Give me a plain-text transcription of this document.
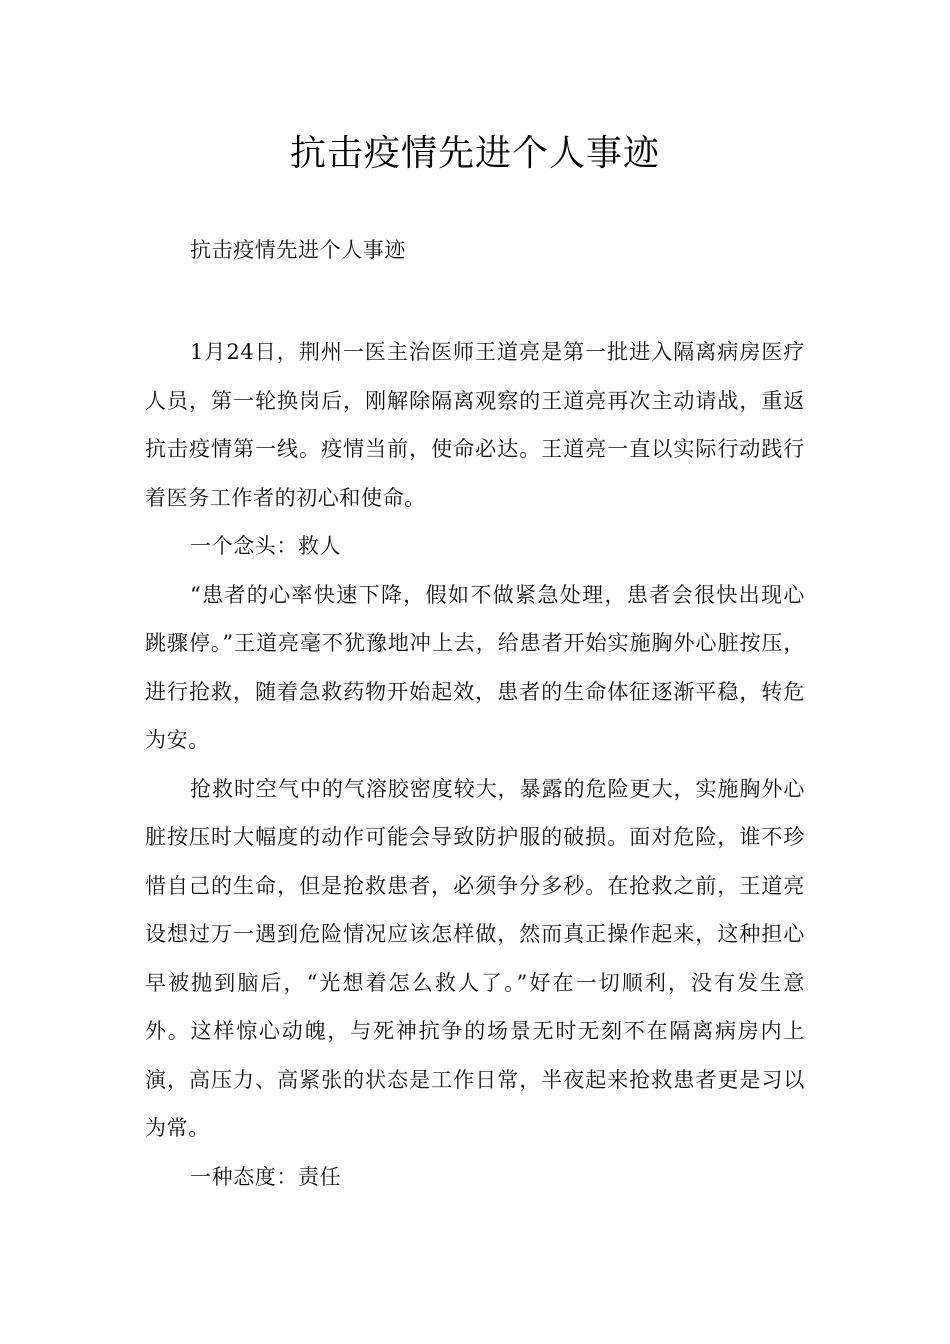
抗击疫情先进个人事迹

抗击疫情先进个人事迹

1月24日，荆州一医主治医师王道亮是第一批进入隔离病房医疗人员，第一轮换岗后，刚解除隔离观察的王道亮再次主动请战，重返抗击疫情第一线。疫情当前，使命必达。王道亮一直以实际行动践行着医务工作者的初心和使命。

一个念头：救人

“患者的心率快速下降，假如不做紧急处理，患者会很快出现心跳骤停。”王道亮毫不犹豫地冲上去，给患者开始实施胸外心脏按压，进行抢救，随着急救药物开始起效，患者的生命体征逐渐平稳，转危为安。

抢救时空气中的气溶胶密度较大，暴露的危险更大，实施胸外心脏按压时大幅度的动作可能会导致防护服的破损。面对危险，谁不珍惜自己的生命，但是抢救患者，必须争分多秒。在抢救之前，王道亮设想过万一遇到危险情况应该怎样做，然而真正操作起来，这种担心早被抛到脑后，“光想着怎么救人了。”好在一切顺利，没有发生意外。这样惊心动魄，与死神抗争的场景无时无刻不在隔离病房内上演，高压力、高紧张的状态是工作日常，半夜起来抢救患者更是习以为常。

一种态度：责任
